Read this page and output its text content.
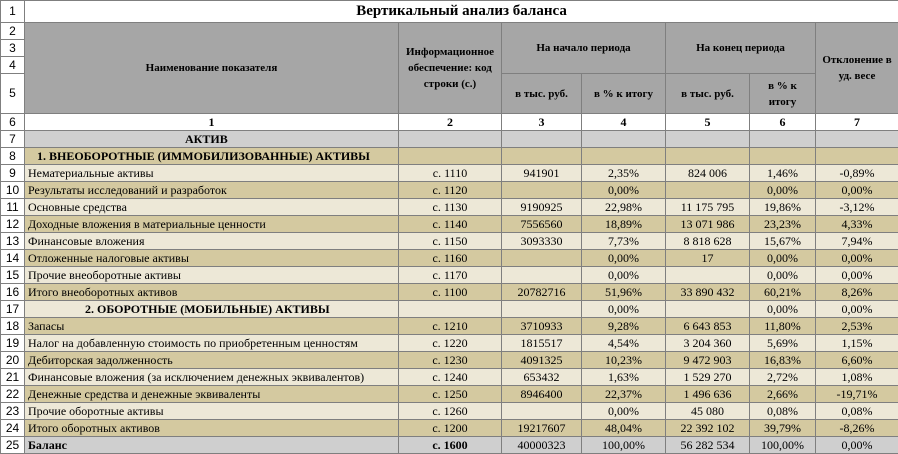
1	Вертикальный анализ баланса						
2	Наименование показателя	Информационное обеспечение: код строки (с.)	На начало периода		На конец периода		Отклонение в уд. весе
3							
4							
5			в тыс. руб.	в % к итогу	в тыс. руб.	в % к итогу	
6	1	2	3	4	5	6	7
7	АКТИВ						
8	1. ВНЕОБОРОТНЫЕ (ИММОБИЛИЗОВАННЫЕ) АКТИВЫ						
9	Нематериальные активы	с. 1110	941901	2,35%	824 006	1,46%	-0,89%
10	Результаты исследований и разработок	с. 1120		0,00%		0,00%	0,00%
11	Основные средства	с. 1130	9190925	22,98%	11 175 795	19,86%	-3,12%
12	Доходные вложения в материальные ценности	с. 1140	7556560	18,89%	13 071 986	23,23%	4,33%
13	Финансовые вложения	с. 1150	3093330	7,73%	8 818 628	15,67%	7,94%
14	Отложенные налоговые активы	с. 1160		0,00%	17	0,00%	0,00%
15	Прочие внеоборотные активы	с. 1170		0,00%		0,00%	0,00%
16	Итого внеоборотных активов	с. 1100	20782716	51,96%	33 890 432	60,21%	8,26%
17	2. ОБОРОТНЫЕ (МОБИЛЬНЫЕ) АКТИВЫ			0,00%		0,00%	0,00%
18	Запасы	с. 1210	3710933	9,28%	6 643 853	11,80%	2,53%
19	Налог на добавленную стоимость по приобретенным ценностям	с. 1220	1815517	4,54%	3 204 360	5,69%	1,15%
20	Дебиторская задолженность	с. 1230	4091325	10,23%	9 472 903	16,83%	6,60%
21	Финансовые вложения (за исключением денежных эквивалентов)	с. 1240	653432	1,63%	1 529 270	2,72%	1,08%
22	Денежные средства и денежные эквиваленты	с. 1250	8946400	22,37%	1 496 636	2,66%	-19,71%
23	Прочие оборотные активы	с. 1260		0,00%	45 080	0,08%	0,08%
24	Итого оборотных активов	с. 1200	19217607	48,04%	22 392 102	39,79%	-8,26%
25	Баланс	с. 1600	40000323	100,00%	56 282 534	100,00%	0,00%
